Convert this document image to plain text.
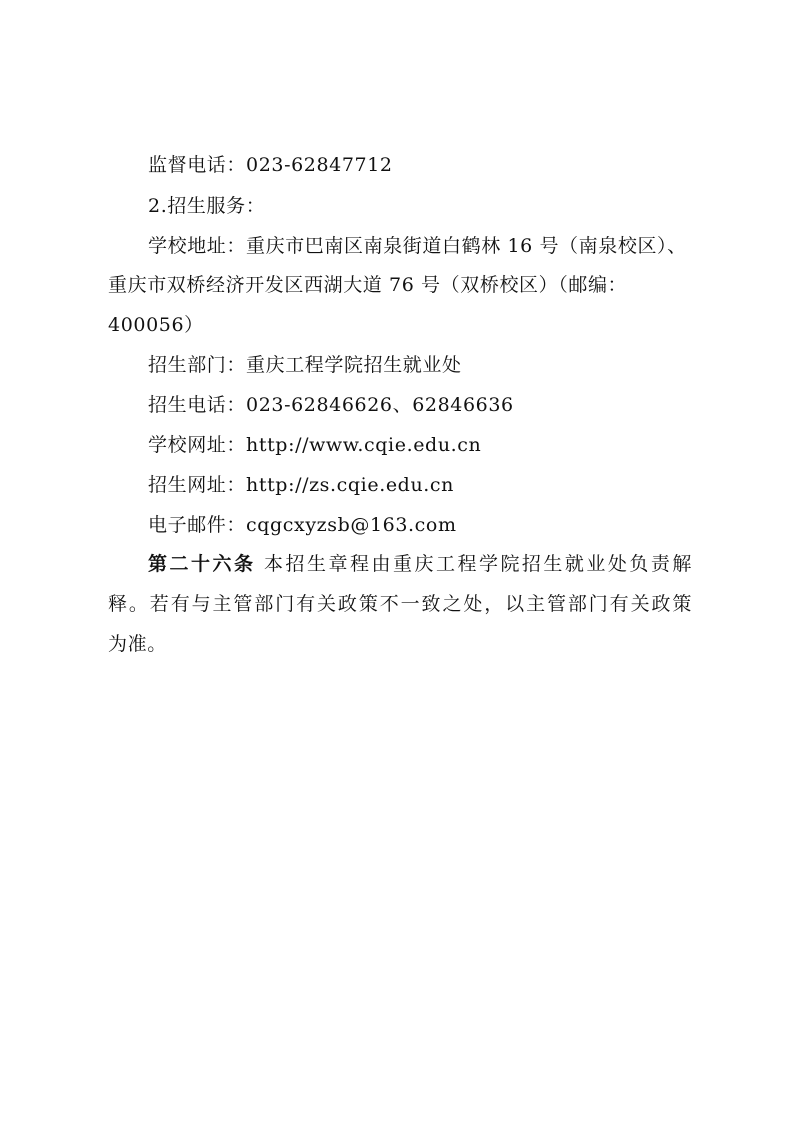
监督电话：023-62847712
2.招生服务：
学校地址：重庆市巴南区南泉街道白鹤林 16 号（南泉校区）、
重庆市双桥经济开发区西湖大道 76 号（双桥校区）（邮编：
400056）
招生部门：重庆工程学院招生就业处
招生电话：023-62846626、62846636
学校网址：http://www.cqie.edu.cn
招生网址：http://zs.cqie.edu.cn
电子邮件：cqgcxyzsb@163.com
第二十六条 本招生章程由重庆工程学院招生就业处负责解
释。若有与主管部门有关政策不一致之处，以主管部门有关政策
为准。
